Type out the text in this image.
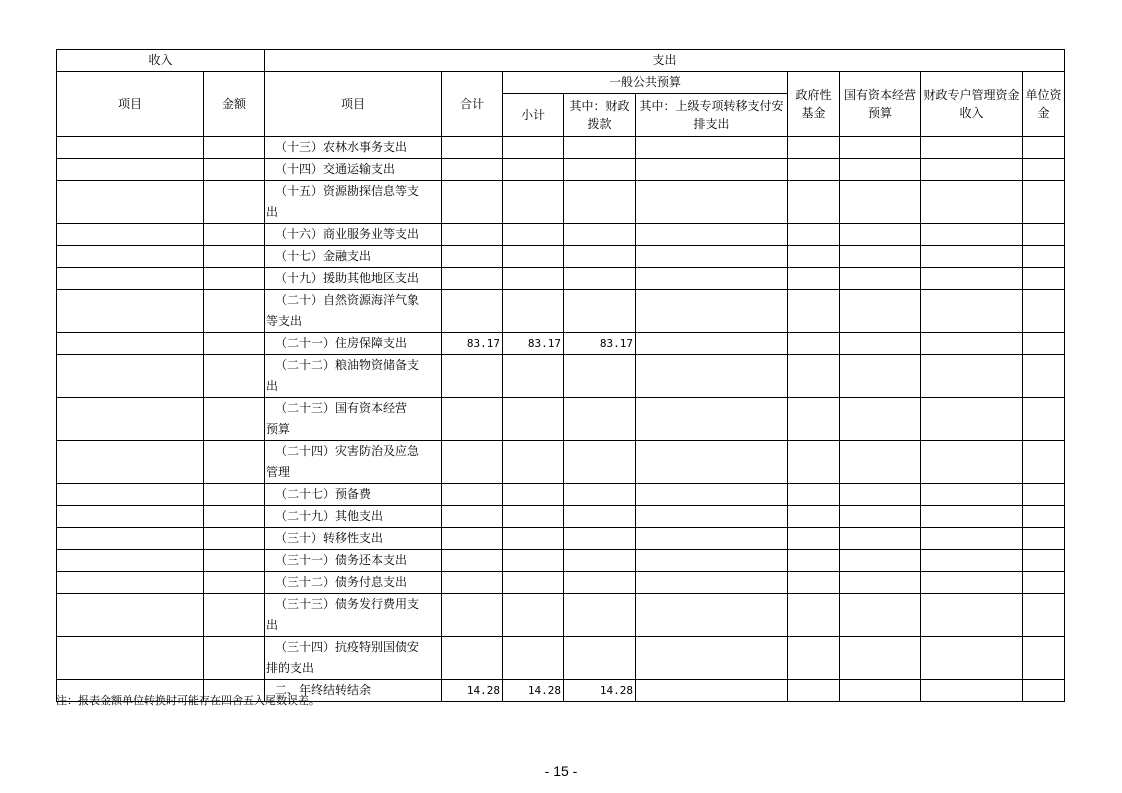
收入		支出								
项目	金额	项目	合计	一般公共预算			政府性基金	国有资本经营预算	财政专户管理资金收入	单位资金
				小计	其中：财政拨款	其中：上级专项转移支付安排支出				
		（十三）农林水事务支出								
		（十四）交通运输支出								
		（十五）资源勘探信息等支
出								
		（十六）商业服务业等支出								
		（十七）金融支出								
		（十九）援助其他地区支出								
		（二十）自然资源海洋气象
等支出								
		（二十一）住房保障支出	83.17	83.17	83.17					
		（二十二）粮油物资储备支
出								
		（二十三）国有资本经营
预算								
		（二十四）灾害防治及应急
管理								
		（二十七）预备费								
		（二十九）其他支出								
		（三十）转移性支出								
		（三十一）债务还本支出								
		（三十二）债务付息支出								
		（三十三）债务发行费用支
出								
		（三十四）抗疫特别国债安
排的支出								
		二、年终结转结余	14.28	14.28	14.28					
注：报表金额单位转换时可能存在四舍五入尾数误差。
- 15 -
